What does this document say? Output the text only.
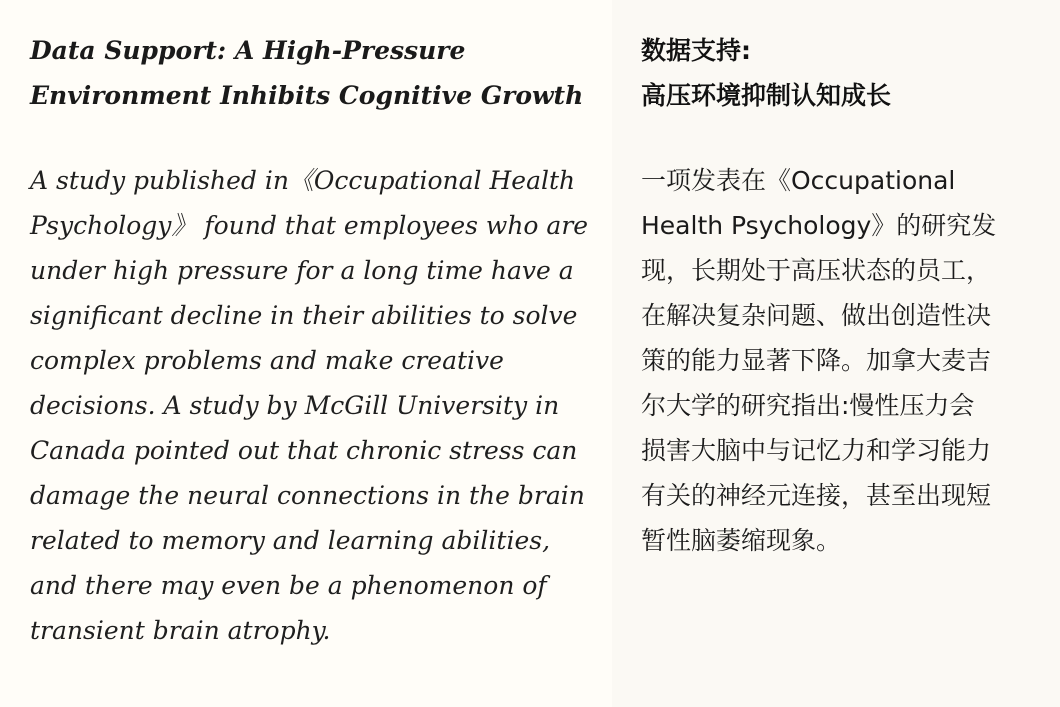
Data Support: A High-Pressure
Environment Inhibits Cognitive Growth

A study published in《Occupational Health
Psychology》 found that employees who are
under high pressure for a long time have a
significant decline in their abilities to solve
complex problems and make creative
decisions. A study by McGill University in
Canada pointed out that chronic stress can
damage the neural connections in the brain
related to memory and learning abilities,
and there may even be a phenomenon of
transient brain atrophy.

数据支持:
高压环境抑制认知成长

一项发表在《Occupational
Health Psychology》的研究发
现，长期处于高压状态的员工，
在解决复杂问题、做出创造性决
策的能力显著下降。加拿大麦吉
尔大学的研究指出:慢性压力会
损害大脑中与记忆力和学习能力
有关的神经元连接，甚至出现短
暂性脑萎缩现象。
